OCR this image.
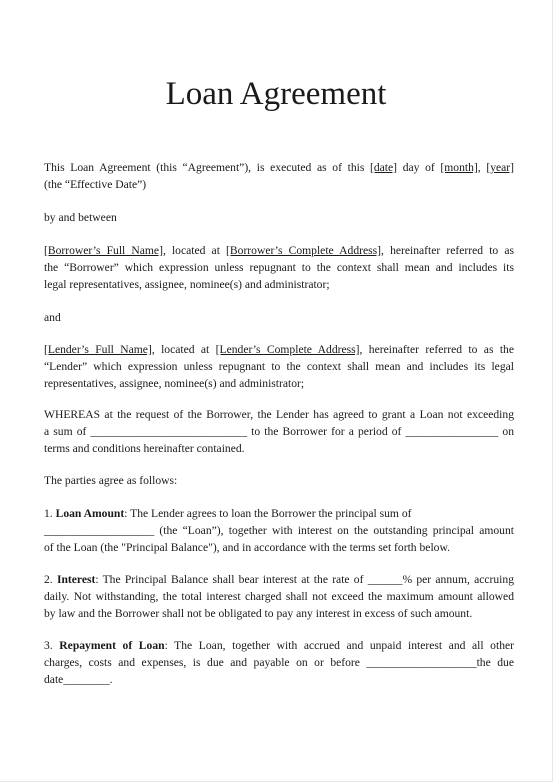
Loan Agreement

This Loan Agreement (this “Agreement”), is executed as of this [date] day of [month], [year]
(the “Effective Date”)

by and between

[Borrower’s Full Name], located at [Borrower’s Complete Address], hereinafter referred to as
the “Borrower” which expression unless repugnant to the context shall mean and includes its
legal representatives, assignee, nominee(s) and administrator;

and

[Lender’s Full Name], located at [Lender’s Complete Address], hereinafter referred to as the
“Lender” which expression unless repugnant to the context shall mean and includes its legal
representatives, assignee, nominee(s) and administrator;

WHEREAS at the request of the Borrower, the Lender has agreed to grant a Loan not exceeding
a sum of ___________________________ to the Borrower for a period of ________________ on
terms and conditions hereinafter contained.

The parties agree as follows:

1. Loan Amount: The Lender agrees to loan the Borrower the principal sum of
___________________ (the “Loan”), together with interest on the outstanding principal amount
of the Loan (the "Principal Balance"), and in accordance with the terms set forth below.

2. Interest: The Principal Balance shall bear interest at the rate of ______% per annum, accruing
daily. Not withstanding, the total interest charged shall not exceed the maximum amount allowed
by law and the Borrower shall not be obligated to pay any interest in excess of such amount.

3. Repayment of Loan: The Loan, together with accrued and unpaid interest and all other
charges, costs and expenses, is due and payable on or before ___________________the due
date________.
